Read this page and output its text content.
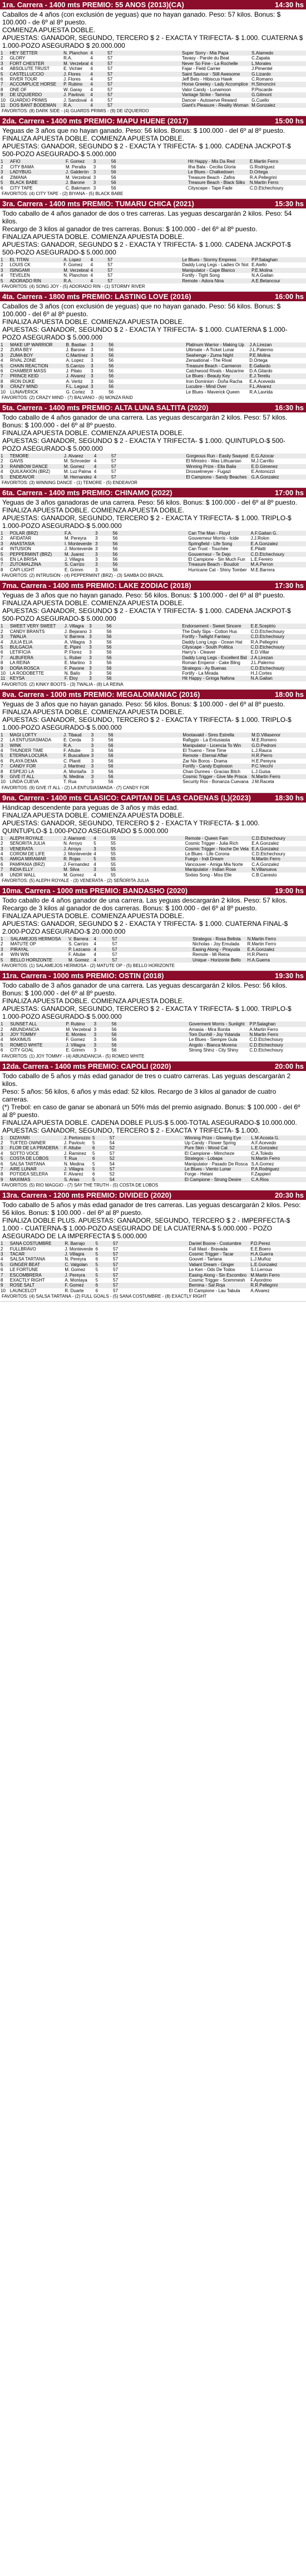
1ra. Carrera - 1400 mts PREMIO: 55 ANOS (2013)(CA)	14:30 hs

Caballos de 4 años (con exclusión de yeguas) que no hayan ganado. Peso: 57 kilos. Bonus: $ 100.000 - de 6º al 8º puesto.

COMIENZA APUESTA DOBLE.

APUESTAS: GANADOR, SEGUNDO, TERCERO $ 2 - EXACTA Y TRIFECTA- $ 1.000. CUATERNA $ 1.000-POZO ASEGURADO $ 20.000.000

1	HEY SETTER	N. Planchon	4	57	Super Sorry - Mia Papa	S.Alamedo
2	GLORY	R.A.	4	57	Tavasy - Parole du Beat	C.Zapata
3	FORT CHESTER	M. Verzebral	4	57	Never So Fine - La Rochelle	L.Morales
4	ABSOLUTE TRUST	E. Vichier	4	57	Fajar - Field Carrier	J.Pimentel
5	CASTELLUCCIO	J. Flores	4	57	Saint Saviour - Still Awesome	G.Lizardo
6	RIVER TOUR	J. Flores	4	57	Jeff Bets - Hibiscus Hawk	C.Romano
7	ACCOMPLICE HORSE	P. Rubino	4	57	Horse Greeley - Lady Accomplice	H.Simoncini
8	ONE OF	W. Garay	4	57	Valor Candy - Lunamoon	P.Piscarde
9	DE IZQUIERDO	J. Pavlovic	4	57	Vantage Strike - Tamrisa	G.Gilmont
10	GUARDIO PRIMIS	J. Sandoval	4	57	Dancer - Autoserve Reward	G.Cuello
11	DOS BANT BODEMAN	R.A.	4	57	Giant's Pleasure - Reality Woman	M.Gonzalez
FAVORITOS: (8) DARK SIDE - (4) GUARDS PRIMIS - (9) DE IZQUIERDO
2da. Carrera - 1400 mts PREMIO: MAPU HUENE (2017)	15:00 hs

Yeguas de 3 años que no hayan ganado. Peso: 56 kilos. Bonus: $ 100.000 - del 6º al 8º puesto.

FINALIZA APUESTA DOBLE. COMIENZA APUESTA DOBLE.

APUESTAS: GANADOR, SEGUNDO $ 2 - EXACTA Y TRIFECTA- $ 1.000. CADENA JACKPOT-$ 500-POZO ASEGURADO-$ 5.000.000

1	AFIO	F. Gomez	3	56	Hit Happy - Mis Da Red	E.Martin Ferro
2	CITY BAMA	M. Peralta	3	56	Ilha Bala - Cecilia Gloria	G.Rodriguez
3	LADYBUG	J. Galderón	3	56	Le Blues - Chalkedown	D.Ortega
4	ZIMANA	M. Verzebral	3	56	Treasure Beach - Zafira	R.A.Pellegrini
5	BLACK BABE	J. Barone	3	56	Treasure Beach - Black Silks	N.Martin Ferro
6	CITY TAPE	C. Bakmann	3	56	Cityscape - Tape Fade	C.D.Etchechoury
FAVORITOS: (4) CITY TAPE - (2) BIYANA - (5) BLACK BABE
3ra. Carrera - 1400 mts PREMIO: TUMARU CHICA (2021)	15:30 hs

Todo caballo de 4 años ganador de dos o tres carreras. Las yeguas descargarán 2 kilos. Peso: 54 kilos.

Recargo de 3 kilos al ganador de tres carreras. Bonus: $ 100.000 - del 6º al 8º puesto.

FINALIZA APUESTA DOBLE. COMIENZA APUESTA DOBLE.

APUESTAS: GANADOR, SEGUNDO $ 2 - EXACTA Y TRIFECTA- $ 1.000. CADENA JACKPOT-$ 500-POZO ASEGURADO-$ 5.000.000

1	EL TITAN	A. Lopez	4	57	Le Blues - Stormy Empress	P.P.Salaghan
2	LOUIS CK	F. Gomez	4	57	Daddy Long Legs - Ladies Or Not	E.Aiello
3	ISINGAMI	M. Verzebral	4	57	Manipulator - Cape Blanco	P.E.Molina
4	TEVELEN	N. Planchon	4	57	Fortify - Tight Song	N.A.Gaitan
5	ADORADO RIN	R.A.	4	57	Remote - Adora Nina	A.E.Betancour
FAVORITOS: (4) SONG JOY - (5) ADORADO RIN - (1) STORMY RIVER
4ta. Carrera - 1800 mts PREMIO: LASTING LOVE (2016)	16:00 hs

Caballos de 3 años (con exclusión de yeguas) que no hayan ganado. Peso: 56 kilos. Bonus: $ 100.000 - del 6º al 8º puesto.

FINALIZA APUESTA DOBLE. COMIENZA APUESTA DOBLE.

APUESTAS: GANADOR, SEGUNDO $ 2 - EXACTA Y TRIFECTA- $ 1.000. CUATERNA $ 1.000-POZO ASEGURADO $ 5.000.000

1	MAKE UP WARRIOR	B. Bastian	3	56	Platinum Warrior - Making Up	J.A.Lirezan
2	ZURA BEY	J. Barone	3	56	Ultimate - A Ticket Lunar	J.L.Palermo
3	ZUMA BOY	C.Martínez	3	56	Seahenge - Zuma Night	P.E.Molina
4	RIVAL ZONE	A. Lopez	3	56	Zensational - The Rival	D.Ortega
5	CHAIN REACTION	S.Carrizo	3	56	Treasure Beach - Carmeron	E.Gallardo
6	CHAMBER MASS	J. Pilato	3	56	Catchwood Rivals - Mazarine	D.A.Gilardo
7	PRINCE KEID	J. Alvarez	3	56	Le Blues - Beauty Key	E.J.Tereliu
8	IRON DUKE	A. Vertiz	3	56	Iron Dominion - Doña Racha	E.A.Acevedo
9	CRAZY MIND	F.L. Legout	3	56	Lucubre - Mind Over	F.L.Alvarez
10	LUNAVERICK	G. Cortez	3	56	Le Blues - Maverick Queen	R.A.Lavrida
FAVORITOS: (2) CRAZY MIND - (7) BALVANO - (6) MONZA RAID
5ta. Carrera - 1400 mts PREMIO: ALTA LUNA SALTITA (2020)	16:30 hs

Todo caballo de 4 años ganador de una carrera. Las yeguas descargarán 2 kilos. Peso: 57 kilos. Bonus: $ 100.000 - del 6º al 8º puesto.

FINALIZA APUESTA DOBLE. COMIENZA APUESTA DOBLE.

APUESTAS: GANADOR, SEGUNDO $ 2 - EXACTA Y TRIFECTA- $ 1.000. QUINTUPLO-$ 500-POZO ASEGURADO-$ 5.000.000

1	TEMORE	J. Alvarez	4	57	Gorgeous Run - Easily Swayed	E.G.Azocar
2	GAVIS	M. Schroeder	4	57	El Ministro - Was Lithuanian	M.J.Carrillo
3	RAINBOW DANCE	M. Gomez	4	57	Winning Prize - Ella Baila	E.D.Gimenez
4	QUILKAKION (BRZ)	M. Luz Palma	4	57	Drosselmeyer - Fugazi	E.Antonozzi
5	ENDEAVOR	M. Hernandez	4	57	El Campione - Sandy Beaches	G.A.Gonzalez
FAVORITOS: (3) WINNING DANCE - (1) TEMORE - (5) ENDEAVOR
6ta. Carrera - 1400 mts PREMIO: CHINAMO (2022)	17:00 hs

Yeguas de 3 años ganadoras de una carrera. Peso: 56 kilos. Bonus: $ 100.000 - del 6º al 8º puesto.

FINALIZA APUESTA DOBLE. COMIENZA APUESTA DOBLE.

APUESTAS: GANADOR, SEGUNDO, TERCERO $ 2 - EXACTA Y TRIFECTA- $ 1.000. TRIPLO-$ 1.000-POZO ASEGURADO-$ 5.000.000

1	POLAR (BRZ)	F.A.	3	56	Can The Man - Floyd	A.F.Gaitan G.
2	AFIDATAR	M. Pereyra	3	56	Gouverneur Morris - Icide	J.J.Rolon
3	ANASTASIA	I. Monteverde	3	56	Springfield - Life Song	E.A.Gonzalez
4	INTUSION	J. Monteverde	3	56	Can Trust - Touchée	E.Pilatti
5	PEPPERMINT (BRZ)	M. Juarez	3	56	Gouverneur - Te Dejo	C.D.Etchechoury
6	EN LA BRISA	J. Villagra	3	56	El Campione - Sin Much Fun	L.E.Fereiro
7	ZUTOMALZINA	S. Carrizo	3	56	Treasure Beach - Boudoir	M.A.Perron
8	CAPI LIGHT	E. Grimm	3	56	Hurricane Cat - Shiny Tomber	M.E.Barrera
FAVORITOS: (2) INTRUSION - (4) PEPPERMINT (BRZ) - (3) SAMBA DO BRAZIL
7ma. Carrera - 1400 mts PREMIO: LAKE ZODIAC (2018)	17:30 hs

Yeguas de 3 años que no hayan ganado. Peso: 56 kilos. Bonus: $ 100.000 - del 6º al 8º puesto.

FINALIZA APUESTA DOBLE. COMIENZA APUESTA DOBLE.

APUESTAS: GANADOR, SEGUNDO $ 2 - EXACTA Y TRIFECTA- $ 1.000. CADENA JACKPOT-$ 500-POZO ASEGURADO-$ 5.000.000

1	SWEET VERY SWEET	J. Villagra	3	56	Endorsement - Sweet Sincere	E.E.Sceptrio
2	CANDY BRANTS	J. Bejarano	3	56	The Daily Sips - Cotton Hus	C.D.Etchechoury
3	TWALIA	V. Barrera	3	56	Fortify - Twilight Fantasy	C.D.Etchechoury
4	JULIA ELIA	A. Villagra	3	56	Daddy Long Legs - Ocean Hat	R.A.Pellegrini
5	BULGACIA	E. Pipini	3	56	Cityscape - South Politica	C.D.Etchechoury
6	LETIFICIA	P. Florez	3	56	Harry's - Cleaver	E.D.Villar
7	ALBUFERA	L. Ruber	3	56	Daddy Long Legs - Excellent Bid	J.A.Lirezan
8	LA REINA	E. Martino	3	56	Roman Emperor - Cake Bling	J.L.Palermo
9	DOÑA ROSCA	F. Pavone	3	56	Strategos - Ay Buenas	C.D.Etchechoury
10	LA RODOBETTE	N. Bailo	3	56	Fortify - La Mirada	H.J.Cortes
11	KEYSA	F. Eloy	3	56	Hit Happy - Gringa Nafona	N.A.Gaitan
FAVORITOS: (2) KINKY BOOTS - (3) TWALIA - (8) LA REINA
8va. Carrera - 1000 mts PREMIO: MEGALOMANIAC (2016)	18:00 hs

Yeguas de 3 años que no hayan ganado. Peso: 56 kilos. Bonus: $ 100.000 - del 6º al 8º puesto.

FINALIZA APUESTA DOBLE. COMIENZA APUESTA DOBLE.

APUESTAS: GANADOR, SEGUNDO, TERCERO $ 2 - EXACTA Y TRIFECTA- $ 1.000. TRIPLO-$ 1.000-POZO ASEGURADO-$ 5.000.000

1	MAGI LOFTY	J. Tibaud	3	56	Mootavakil - Sires Estrella	M.D.Villasenor
2	LA ENTUSIASMADA	E. Cerda	3	56	Rafiggio - La Entusiasta	M.E.Romero
3	WINK	R.A.	3	56	Manipulator - Licencia To Win	G.D.Pedroni
4	THUNDER TIME	F. Altube	3	56	El Trueno - Time Time	L.J.Rauca
5	ETERNA LOCURA	F. Buscafiore	3	56	Remote - Eternal Affair	H.R.Pierro
6	PLAYA DEMA	C. Plantt	3	56	Zar Nix Boros - Drama	H.E.Pereyra
7	CANDY FOR	J. Martinez	3	56	Fortify - Candy Explosion	P.C.Vecchi
8	ESPEJO LA	A. Montaña	3	56	Chan Dunnes - Gracias Bitch	L.J.Guisa
9	GIVE IT ALL	N. Medina	3	56	Cosmic Trigger - Give Me Prisca	N.Martin Ferro
10	LINDA CUEVA	T. Rua	3	56	Security Rox - Bonanza Cuevana	J.M.Raceta
FAVORITOS: (9) GIVE IT ALL - (2) LA ENTUSIASMADA - (7) CANDY FOR
9na. Carrera - 1400 mts CLASICO: CAPITAN DE LAS CADENAS (L)(2023)	18:30 hs

Hándicap descendente para yeguas de 3 años y más edad.

FINALIZA APUESTA DOBLE. COMIENZA APUESTA DOBLE.

APUESTAS: GANADOR, SEGUNDO, TERCERO $ 2 - EXACTA Y TRIFECTA- $ 1.000. QUINTUPLO-$ 1.000-POZO ASEGURADO $ 5.000.000

1	ALEPH ROYALE	J. Alamonti	4	55	Remote - Queen Fam	C.D.Etchechoury
2	SEÑORITA JULIA	N. Arroyo	5	55	Cosmic Trigger - Julia Rich	E.A.Gonzalez
3	VENERATA	J. Arroyo	3	55	Cosmic Trigger - Noche De Vela	E.A.Gonzalez
4	COROM DE LIFE	J. Monteverde	4	55	Le Blues - Life Corona	C.D.Etchechoury
5	AMIGA MIRAMAR	R. Rojas	5	55	Fuego - Indi Dream	N.Martin Ferro
6	PAMPANIA (BRZ)	J. Fernandez	4	55	Vancouver - Amiga Mia Norte	C.A.Gonzalez
7	INDIA ELLY	M. Silva	3	55	Manipulator - Indian Rose	N.Villanueva
8	UNDR WALL	M. Gomez	4	55	Sixties Song - Miss Elle	C.B.Canesto
FAVORITOS: (5) ALEPH ROYALE - (3) VENERATA - (2) SEÑORITA JULIA
10ma. Carrera - 1000 mts PREMIO: BANDASHO (2020)	19:00 hs

Todo caballo de 4 años ganador de una carrera. Las yeguas descargarán 2 kilos. Peso: 57 kilos.

Recargo de 3 kilos al ganador de dos carreras. Bonus: $ 100.000 - del 6º al 8º puesto.

FINALIZA APUESTA DOBLE. COMIENZA APUESTA DOBLE.

APUESTAS: GANADOR, SEGUNDO $ 2 - EXACTA Y TRIFECTA- $ 1.000. CUATERNA FINAL-$ 2.000-POZO ASEGURADO-$ 20.000.000

1	SALAMEJOS HERMOSA	V. Barrera	4	57	Strategos - Rosa Bellota	N.Martin Ferro
2	MATUTE OP	S. Carrizo	4	57	Nicholas - Joy Emulada	R.Martin Ferro
3	PIRAYAL	P. Lezcano	4	57	Easing Along - Pirayuda	E.A.Gonzalez
4	WIN WIN	F. Altube	4	57	Remote - Mi Reina	H.R.Pierro
5	BELLO HORIZONTE	M. Gomez	4	57	Unique - Horizonte Bello	H.A.Guerra
FAVORITOS: (1) SALAMEJOS HERMOSA - (2) MATUTE OP - (5) BELLO HORIZONTE
11ra. Carrera - 1000 mts PREMIO: OSTIN (2018)	19:30 hs

Todo caballo de 3 años ganador de una carrera. Las yeguas descargarán 2 kilos. Peso: 56 kilos. Bonus: $ 100.000 - del 6º al 8º puesto.

FINALIZA APUESTA DOBLE. COMIENZA APUESTA DOBLE.

APUESTAS: GANADOR, SEGUNDO, TERCERO $ 2 - EXACTA Y TRIFECTA- $ 1.000. TRIPLO-$ 1.000-POZO ASEGURADO-$ 5.000.000

1	SUNSET ALL	P. Rubino	3	56	Goverment Morris - Sunlight	P.P.Salaghan
2	ABUNDANCIA	M. Verzebral	3	56	Amasia - Mira Bonita	A.Martin Ferro
3	JOY TOMMY	E. Montes	3	56	Tom Dunhill - Joy Yolanda	N.Martin Ferro
4	MAXIMUS	F. Gomez	3	56	Le Blues - Siempre Gula	C.D.Etchechoury
5	ROMEO WHITE	J. Villagra	3	56	Angolo - Bianca Morena	C.D.Etchechoury
6	CITY GOAL	E. Grimm	3	56	Strong Shinz - City Shiny	C.D.Etchechoury
FAVORITOS: (1) JOY TOMMY - (4) ABUNDANCIA - (5) ROMEO WHITE
12da. Carrera - 1400 mts PREMIO: CAPOLI (2020)	20:00 hs

Todo caballo de 5 años y más edad ganador de tres o cuatro carreras. Las yeguas descargarán 2 kilos.

Peso: 5 años: 56 kilos, 6 años y más edad: 52 kilos. Recargo de 3 kilos al ganador de cuatro carreras.

(*) Trebol: en caso de ganar se abonará un 50% más del premio asignado. Bonus: $ 100.000 - del 6º al 8º puesto.

FINALIZA APUESTA DOBLE. CADENA DOBLE PLUS-$ 5.000-TOTAL ASEGURADO-$ 10.000.000. APUESTAS: GANADOR, SEGUNDO, TERCERO $ 2 - EXACTA Y TRIFECTA- $ 1.000.

1	DIZAYARI	J. Pertorozzo	5	57	Winning Prize - Glowing Eye	L.M.Acosta G.
2	TUFTED OWNER	J. Pavlovic	5	54	Up Candy - Flower Spring	A.F.Acevedo
3	FLOR DE LA PRADERA	F. Altube	6	52	Pure Skin - Wood Cat	L.E.Gonzalez
4	SOTTO VOCE	J. Raminez	5	57	El Campione - Mimcheze	C.A.Toledo
5	COSTA DE LOBOS	T. Rua	6	52	Strategos - Lobapa	N.Martin Ferro
6	SALSA TARTANA	N. Medina	5	54	Manipulator - Pasado De Rosca	S.A.Gomez
7	AIRE LUNAR	J. Villagra	5	57	Le Blues - Viento Lunar	P.A.Rodriguez
8	POTIDEA SELERA	F. Alvarez	6	52	Forge - Helani	F.Zappieri
9	MAXIMAS	S. Arias	5	54	El Campione - Strong Desire	C.A.Rios
FAVORITOS: (5) RIO MAGGIO - (7) SAY THE TRUTH - (5) COSTA DE LOBOS
13ra. Carrera - 1200 mts PREMIO: DIVIDED (2020)	20:30 hs

Todo caballo de 5 años y más edad ganador de tres carreras. Las yeguas descargarán 2 kilos. Peso: 56 kilos. Bonus: $ 100.000 - del 6º al 8º puesto.

FINALIZA DOBLE PLUS. APUESTAS: GANADOR, SEGUNDO, TERCERO $ 2 - IMPERFECTA-$ 1.000 - CUATERNA-$ 1.000-POZO ASEGURADO DE LA CUATERNA-$ 5.000.000 - POZO ASEGURADO DE LA IMPERFECTA $ 5.000.000

1	SANA COSTUMBRE	R. Barrajo	5	57	Daniel Boone - Costumbre	P.D.Perez
2	FULLBRAVO	J. Monteverde	6	57	Full Mast - Bravada	E.E.Boero
3	TACAR	J. Villagra	5	57	Cosmic Trigger - Tacar	H.A.Guerra
4	SALSA TARTANA	N. Pereyra	6	57	Gouvet - Tartana	L.J.Muñoz
5	GINGER BEAT	C. Valgolan	5	57	Valiant Dream - Ginger	L.E.Gonzalez
6	LE FORTUNE	M. Gomez	5	57	Le Ken - Ods De Todos	S.I.Lerroux
7	ESCOMBRERA	J. Pereyra	5	57	Easing Along - Sin Escombro	M.Martin Ferro
8	EXACTLY RIGHT	A. Montaya	5	57	Cosmic Trigger - Scemmesh	F.Ayordmo
9	ROSE SALT	F. Gomez	6	57	Bernina - Sal Roja	R.R.Pellegrini
10	LAUNCELOT	R. Duarte	6	57	El Campione - Lau Tabula	A.Alvarez
FAVORITOS: (4) SALSA TARTANA - (2) FULL GOALS - (5) SANA COSTUMBRE - (8) EXACTLY RIGHT
